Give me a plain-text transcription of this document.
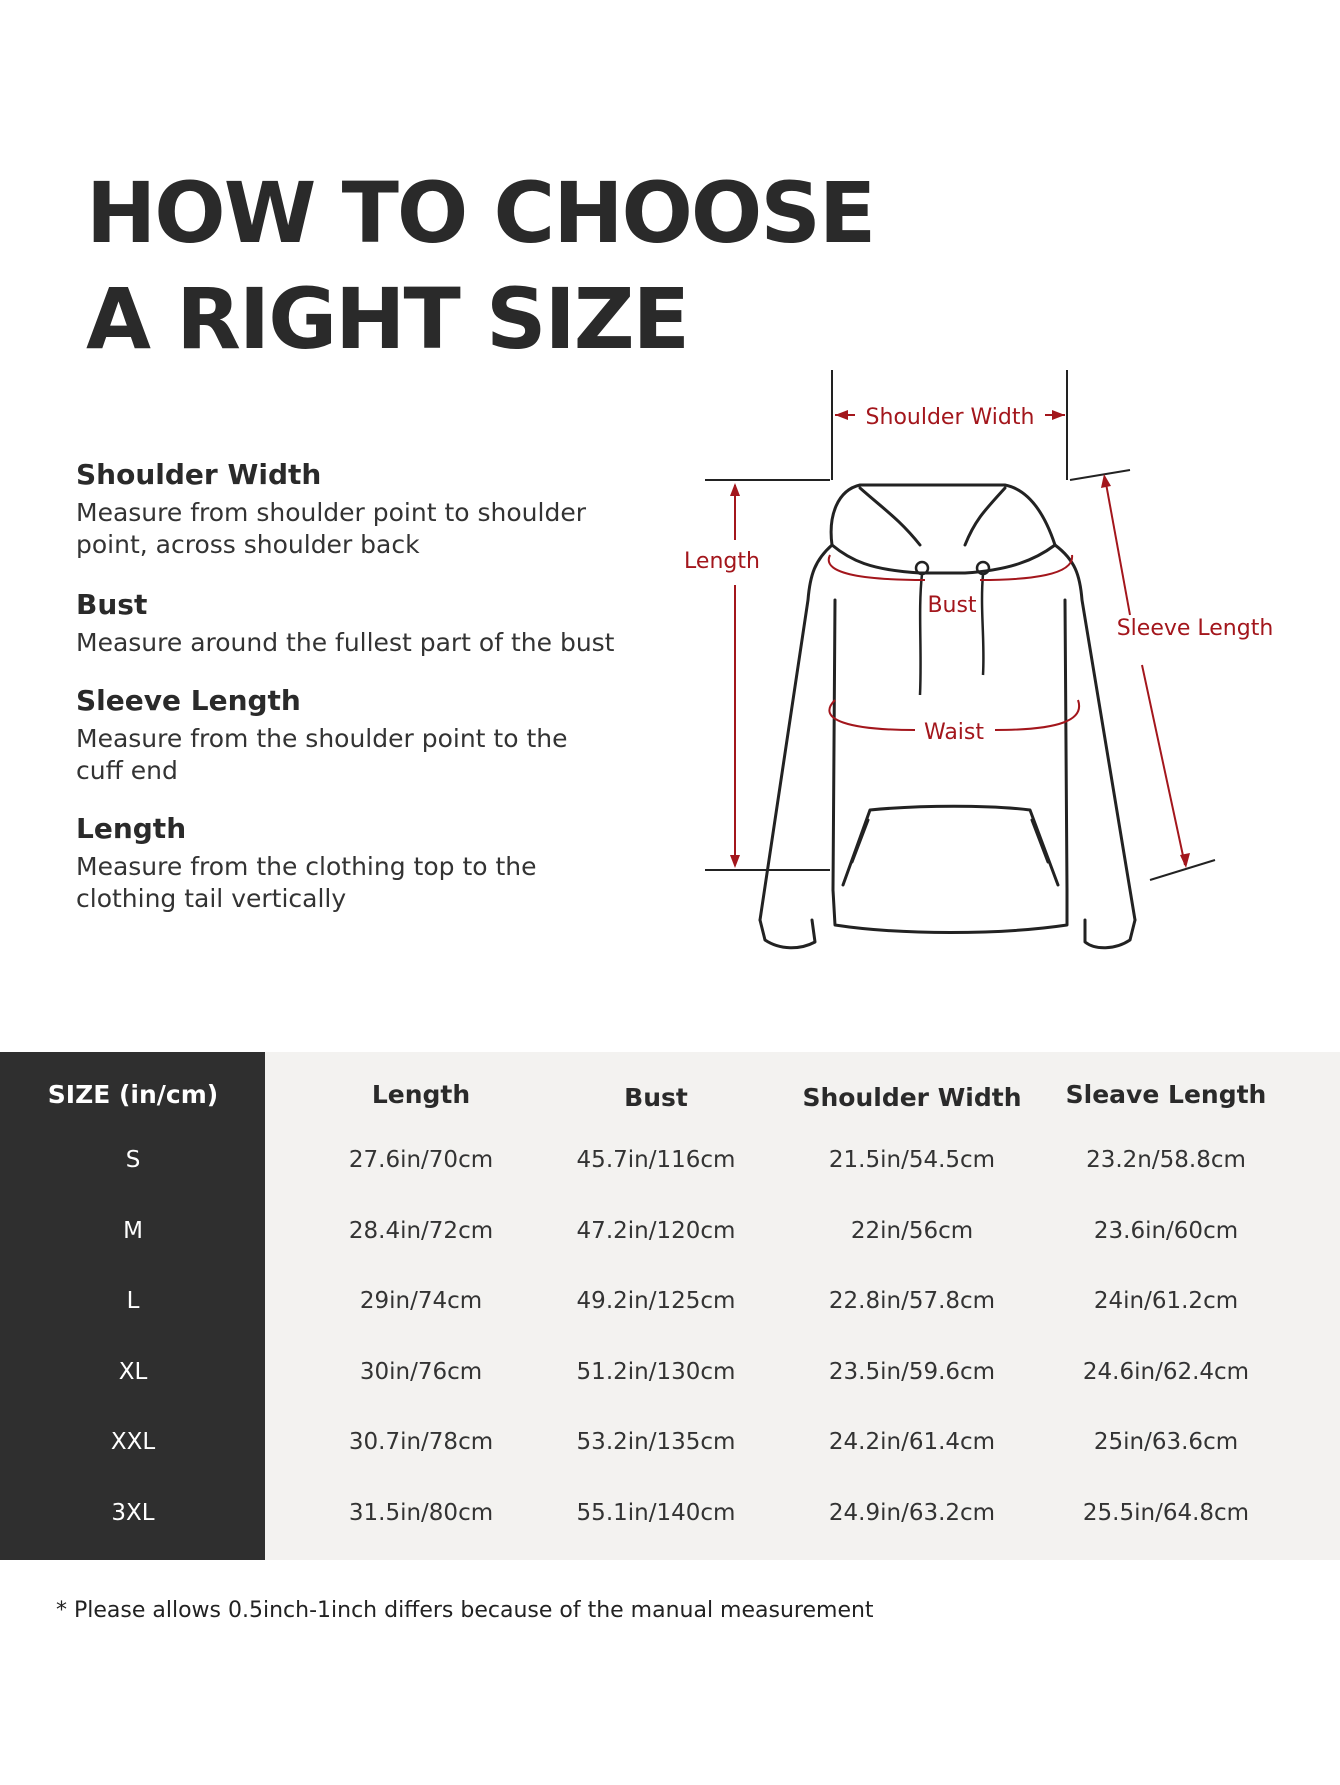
HOW TO CHOOSE
A RIGHT SIZE
Shoulder Width
Measure from shoulder point to shoulder
point, across shoulder back
Bust
Measure around the fullest part of the bust
Sleeve Length
Measure from the shoulder point to the
cuff end
Length
Measure from the clothing top to the
clothing tail vertically
Shoulder Width
Length
Bust
Sleeve Length
Waist
SIZE (in/cm)	Length	Bust	Shoulder Width	Sleave Length
S	27.6in/70cm	45.7in/116cm	21.5in/54.5cm	23.2n/58.8cm
M	28.4in/72cm	47.2in/120cm	22in/56cm	23.6in/60cm
L	29in/74cm	49.2in/125cm	22.8in/57.8cm	24in/61.2cm
XL	30in/76cm	51.2in/130cm	23.5in/59.6cm	24.6in/62.4cm
XXL	30.7in/78cm	53.2in/135cm	24.2in/61.4cm	25in/63.6cm
3XL	31.5in/80cm	55.1in/140cm	24.9in/63.2cm	25.5in/64.8cm
* Please allows 0.5inch-1inch differs because of the manual measurement
